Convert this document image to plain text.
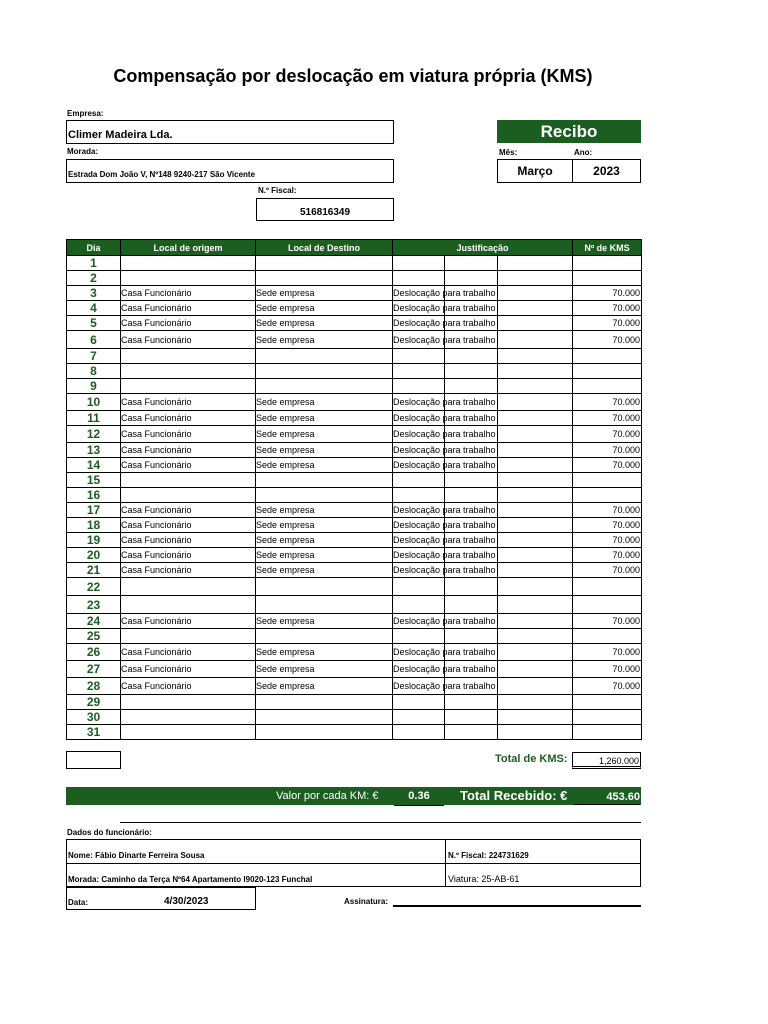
Compensação por deslocação em viatura própria (KMS)
Empresa:
Climer Madeira Lda.
Morada:
Estrada Dom João V, Nº148 9240-217 São Vicente
N.º Fiscal:
516816349
Recibo
Mês:	Ano:
Março	2023
Dia	Local de origem	Local de Destino	Justificação	Nº de KMS
1			

2			

3	Casa Funcionário	Sede empresa	Deslocação para trabalho	70.000
4	Casa Funcionário	Sede empresa	Deslocação para trabalho	70.000
5	Casa Funcionário	Sede empresa	Deslocação para trabalho	70.000
6	Casa Funcionário	Sede empresa	Deslocação para trabalho	70.000
7			

8			

9			

10	Casa Funcionário	Sede empresa	Deslocação para trabalho	70.000
11	Casa Funcionário	Sede empresa	Deslocação para trabalho	70.000
12	Casa Funcionário	Sede empresa	Deslocação para trabalho	70.000
13	Casa Funcionário	Sede empresa	Deslocação para trabalho	70.000
14	Casa Funcionário	Sede empresa	Deslocação para trabalho	70.000
15			

16			

17	Casa Funcionário	Sede empresa	Deslocação para trabalho	70.000
18	Casa Funcionário	Sede empresa	Deslocação para trabalho	70.000
19	Casa Funcionário	Sede empresa	Deslocação para trabalho	70.000
20	Casa Funcionário	Sede empresa	Deslocação para trabalho	70.000
21	Casa Funcionário	Sede empresa	Deslocação para trabalho	70.000
22			

23			

24	Casa Funcionário	Sede empresa	Deslocação para trabalho	70.000
25			

26	Casa Funcionário	Sede empresa	Deslocação para trabalho	70.000
27	Casa Funcionário	Sede empresa	Deslocação para trabalho	70.000
28	Casa Funcionário	Sede empresa	Deslocação para trabalho	70.000
29			

30			

31			

Total de KMS:	1,260.000
Valor por cada KM: €	0.36	Total Recebido: €	453.60
Dados do funcionário:
Nome: Fábio Dinarte Ferreira Sousa	N.º Fiscal: 224731629
Morada: Caminho da Terça Nº64 Apartamento I9020-123 Funchal	Viatura: 25-AB-61
Data:	4/30/2023	Assinatura:
